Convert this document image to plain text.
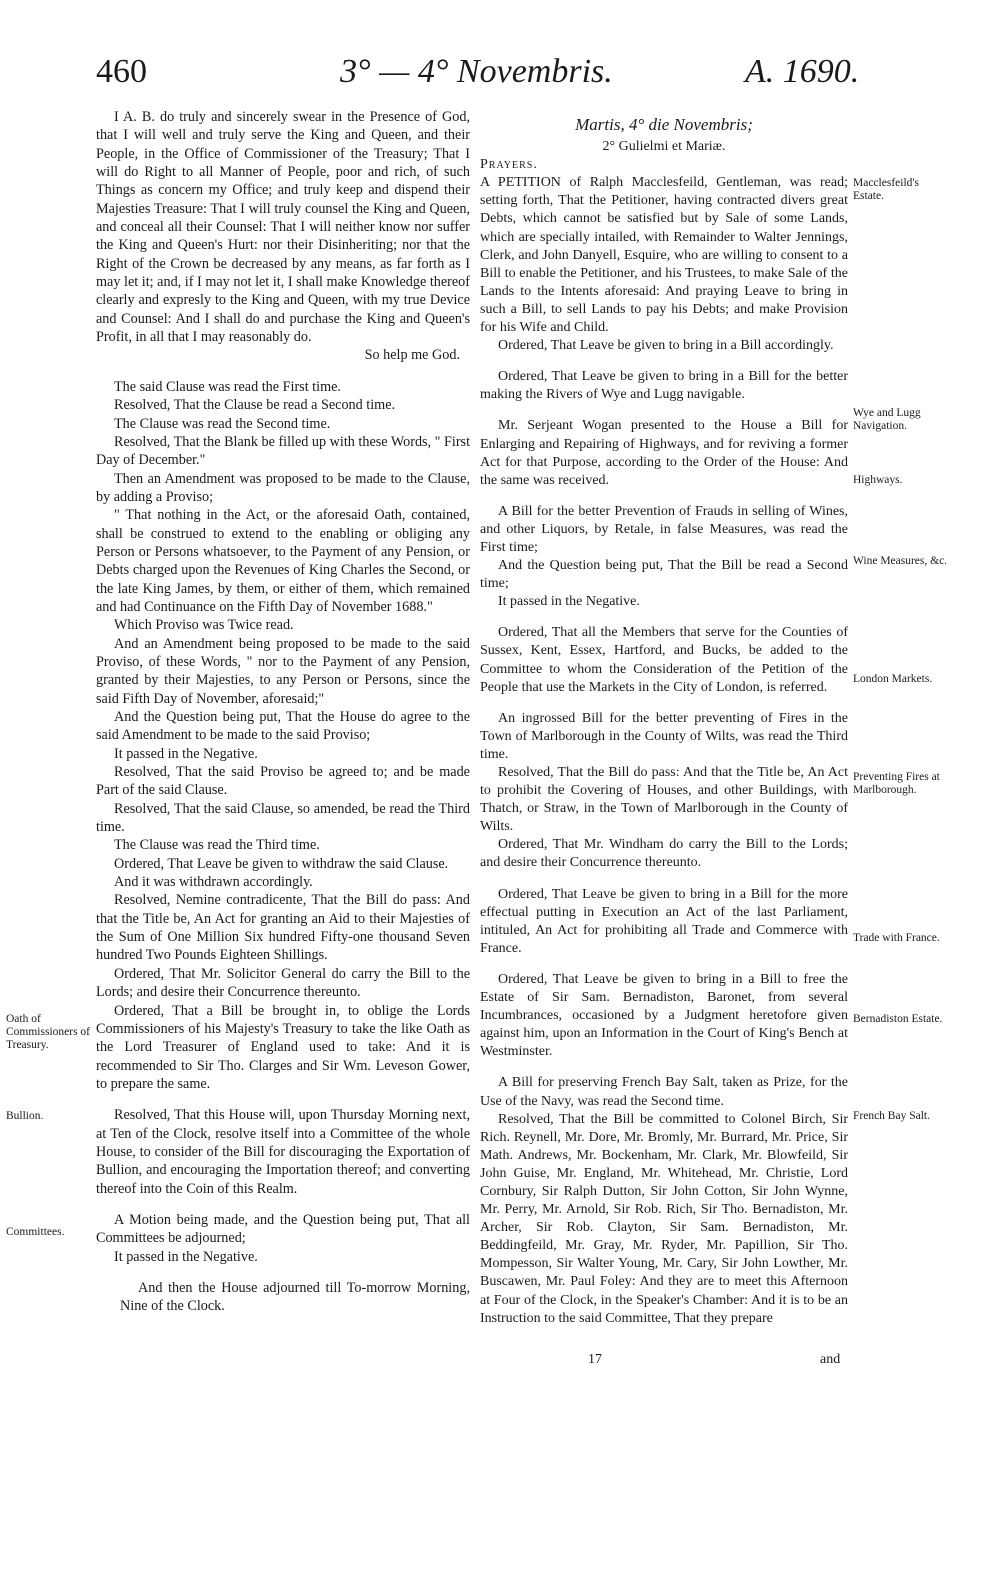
460	3° — 4° Novembris.	A. 1690.

I A. B. do truly and sincerely swear in the Presence of God, that I will well and truly serve the King and Queen, and their People, in the Office of Commissioner of the Treasury; That I will do Right to all Manner of People, poor and rich, of such Things as concern my Office; and truly keep and dispend their Majesties Treasure: That I will truly counsel the King and Queen, and conceal all their Counsel: That I will neither know nor suffer the King and Queen's Hurt: nor their Disinheriting; nor that the Right of the Crown be decreased by any means, as far forth as I may let it; and, if I may not let it, I shall make Knowledge thereof clearly and expresly to the King and Queen, with my true Device and Counsel: And I shall do and purchase the King and Queen's Profit, in all that I may reasonably do.

So help me God.

The said Clause was read the First time.

Resolved, That the Clause be read a Second time.

The Clause was read the Second time.

Resolved, That the Blank be filled up with these Words, " First Day of December."

Then an Amendment was proposed to be made to the Clause, by adding a Proviso;

" That nothing in the Act, or the aforesaid Oath, contained, shall be construed to extend to the enabling or obliging any Person or Persons whatsoever, to the Payment of any Pension, or Debts charged upon the Revenues of King Charles the Second, or the late King James, by them, or either of them, which remained and had Continuance on the Fifth Day of November 1688."

Which Proviso was Twice read.

And an Amendment being proposed to be made to the said Proviso, of these Words, " nor to the Payment of any Pension, granted by their Majesties, to any Person or Persons, since the said Fifth Day of November, aforesaid;"

And the Question being put, That the House do agree to the said Amendment to be made to the said Proviso;

It passed in the Negative.

Resolved, That the said Proviso be agreed to; and be made Part of the said Clause.

Resolved, That the said Clause, so amended, be read the Third time.

The Clause was read the Third time.

Ordered, That Leave be given to withdraw the said Clause.

And it was withdrawn accordingly.

Resolved, Nemine contradicente, That the Bill do pass: And that the Title be, An Act for granting an Aid to their Majesties of the Sum of One Million Six hundred Fifty-one thousand Seven hundred Two Pounds Eighteen Shillings.

Ordered, That Mr. Solicitor General do carry the Bill to the Lords; and desire their Concurrence thereunto.

Ordered, That a Bill be brought in, to oblige the Lords Commissioners of his Majesty's Treasury to take the like Oath as the Lord Treasurer of England used to take: And it is recommended to Sir Tho. Clarges and Sir Wm. Leveson Gower, to prepare the same.

Resolved, That this House will, upon Thursday Morning next, at Ten of the Clock, resolve itself into a Committee of the whole House, to consider of the Bill for discouraging the Exportation of Bullion, and encouraging the Importation thereof; and converting thereof into the Coin of this Realm.

A Motion being made, and the Question being put, That all Committees be adjourned;

It passed in the Negative.

And then the House adjourned till To-morrow Morning, Nine of the Clock.

Martis, 4° die Novembris;

2° Gulielmi et Mariæ.

Prayers.

A PETITION of Ralph Macclesfeild, Gentleman, was read; setting forth, That the Petitioner, having contracted divers great Debts, which cannot be satisfied but by Sale of some Lands, which are specially intailed, with Remainder to Walter Jennings, Clerk, and John Danyell, Esquire, who are willing to consent to a Bill to enable the Petitioner, and his Trustees, to make Sale of the Lands to the Intents aforesaid: And praying Leave to bring in such a Bill, to sell Lands to pay his Debts; and make Provision for his Wife and Child.

Ordered, That Leave be given to bring in a Bill accordingly.

Ordered, That Leave be given to bring in a Bill for the better making the Rivers of Wye and Lugg navigable.

Mr. Serjeant Wogan presented to the House a Bill for Enlarging and Repairing of Highways, and for reviving a former Act for that Purpose, according to the Order of the House: And the same was received.

A Bill for the better Prevention of Frauds in selling of Wines, and other Liquors, by Retale, in false Measures, was read the First time;

And the Question being put, That the Bill be read a Second time;

It passed in the Negative.

Ordered, That all the Members that serve for the Counties of Sussex, Kent, Essex, Hartford, and Bucks, be added to the Committee to whom the Consideration of the Petition of the People that use the Markets in the City of London, is referred.

An ingrossed Bill for the better preventing of Fires in the Town of Marlborough in the County of Wilts, was read the Third time.

Resolved, That the Bill do pass: And that the Title be, An Act to prohibit the Covering of Houses, and other Buildings, with Thatch, or Straw, in the Town of Marlborough in the County of Wilts.

Ordered, That Mr. Windham do carry the Bill to the Lords; and desire their Concurrence thereunto.

Ordered, That Leave be given to bring in a Bill for the more effectual putting in Execution an Act of the last Parliament, intituled, An Act for prohibiting all Trade and Commerce with France.

Ordered, That Leave be given to bring in a Bill to free the Estate of Sir Sam. Bernadiston, Baronet, from several Incumbrances, occasioned by a Judgment heretofore given against him, upon an Information in the Court of King's Bench at Westminster.

A Bill for preserving French Bay Salt, taken as Prize, for the Use of the Navy, was read the Second time.

Resolved, That the Bill be committed to Colonel Birch, Sir Rich. Reynell, Mr. Dore, Mr. Bromly, Mr. Burrard, Mr. Price, Sir Math. Andrews, Mr. Bockenham, Mr. Clark, Mr. Blowfeild, Sir John Guise, Mr. England, Mr. Whitehead, Mr. Christie, Lord Cornbury, Sir Ralph Dutton, Sir John Cotton, Sir John Wynne, Mr. Perry, Mr. Arnold, Sir Rob. Rich, Sir Tho. Bernadiston, Mr. Archer, Sir Rob. Clayton, Sir Sam. Bernadiston, Mr. Beddingfeild, Mr. Gray, Mr. Ryder, Mr. Papillion, Sir Tho. Mompesson, Sir Walter Young, Mr. Cary, Sir John Lowther, Mr. Buscawen, Mr. Paul Foley: And they are to meet this Afternoon at Four of the Clock, in the Speaker's Chamber: And it is to be an Instruction to the said Committee, That they prepare

Oath of Commissioners of Treasury.
Bullion.
Committees.
Macclesfeild's Estate.
Wye and Lugg Navigation.
Highways.
Wine Measures, &c.
London Markets.
Preventing Fires at Marlborough.
Trade with France.
Bernadiston Estate.
French Bay Salt.
17	and
